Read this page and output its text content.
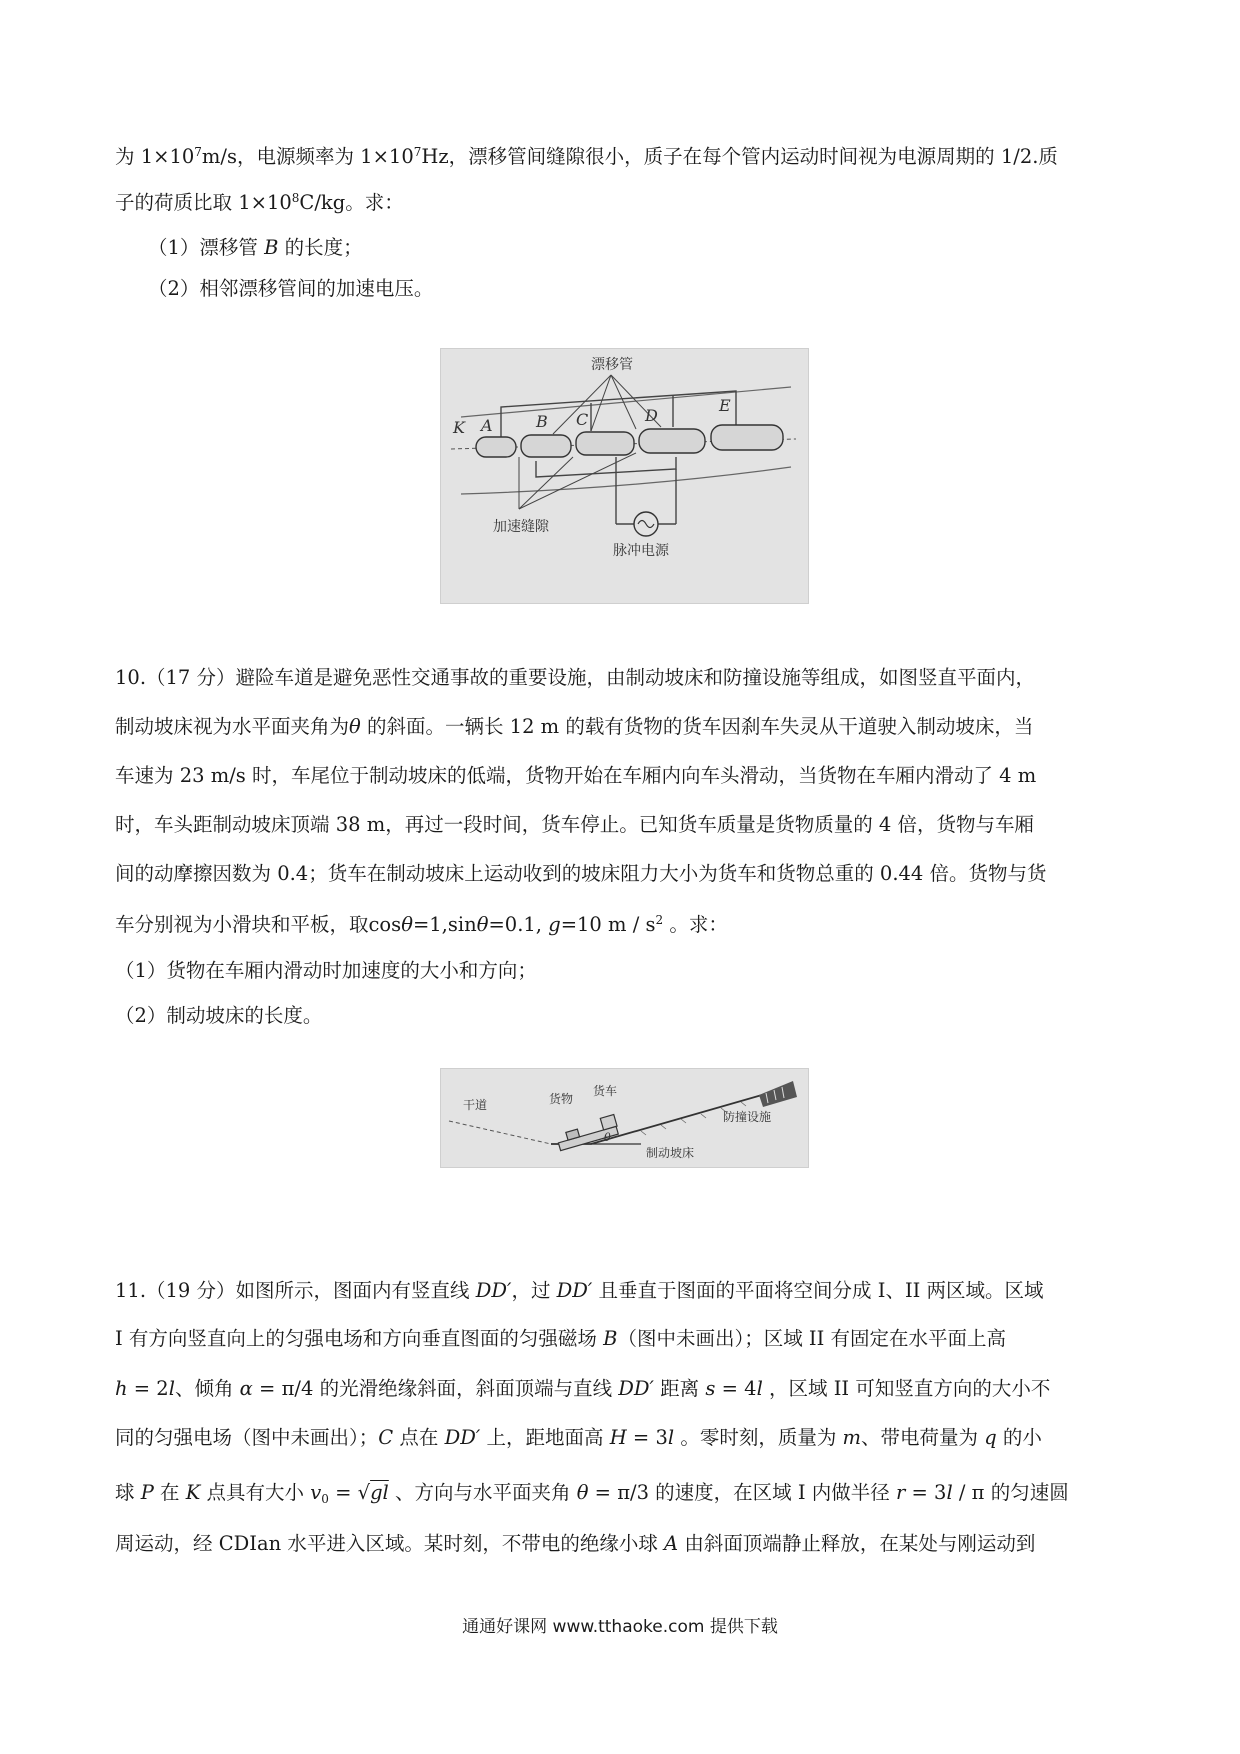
为 $1\times 10^7m/s$，电源频率为 $1\times 10^7Hz$，漂移管间缝隙很小，质子在每个管内运动时间视为电源周期的 1/2.质
子的荷质比取 $1\times 10^8C/kg$。求：
（1）漂移管 B 的长度；
（2）相邻漂移管间的加速电压。
K A	B C	D
E
漂移管
加速缝隙
脉冲电源
10.（17 分）避险车道是避免恶性交通事故的重要设施，由制动坡床和防撞设施等组成，如图竖直平面内，
制动坡床视为水平面夹角为θ 的斜面。一辆长 12 m 的载有货物的货车因刹车失灵从干道驶入制动坡床，当
车速为 23 m/s 时，车尾位于制动坡床的低端，货物开始在车厢内向车头滑动，当货物在车厢内滑动了 4 m
时，车头距制动坡床顶端 38 m，再过一段时间，货车停止。已知货车质量是货物质量的 4 倍，货物与车厢
间的动摩擦因数为 0.4；货车在制动坡床上运动收到的坡床阻力大小为货车和货物总重的 0.44 倍。货物与货
车分别视为小滑块和平板，取cosθ=1,sinθ=0.1, g=10 m / $s^2$ 。求：
（1）货物在车厢内滑动时加速度的大小和方向；
（2）制动坡床的长度。
干道	货物
货车
防撞设施
制动坡床
θ
11.（19 分）如图所示，图面内有竖直线 DD′，过 DD′ 且垂直于图面的平面将空间分成 I、II 两区域。区域
I 有方向竖直向上的匀强电场和方向垂直图面的匀强磁场 B（图中未画出）；区域 II 有固定在水平面上高
h = 2l、倾角 α = π/4 的光滑绝缘斜面，斜面顶端与直线 DD′ 距离 s = 4l ，区域 II 可知竖直方向的大小不
同的匀强电场（图中未画出）；C 点在 DD′ 上，距地面高 H = 3l 。零时刻，质量为 m、带电荷量为 q 的小
球 P 在 K 点具有大小 $v_0 = √gl$ 、方向与水平面夹角 θ = π/3 的速度，在区域 I 内做半径 r = 3l / π 的匀速圆
周运动，经 CDIan 水平进入区域。某时刻，不带电的绝缘小球 A 由斜面顶端静止释放，在某处与刚运动到
通通好课网 www.tthaoke.com 提供下载
